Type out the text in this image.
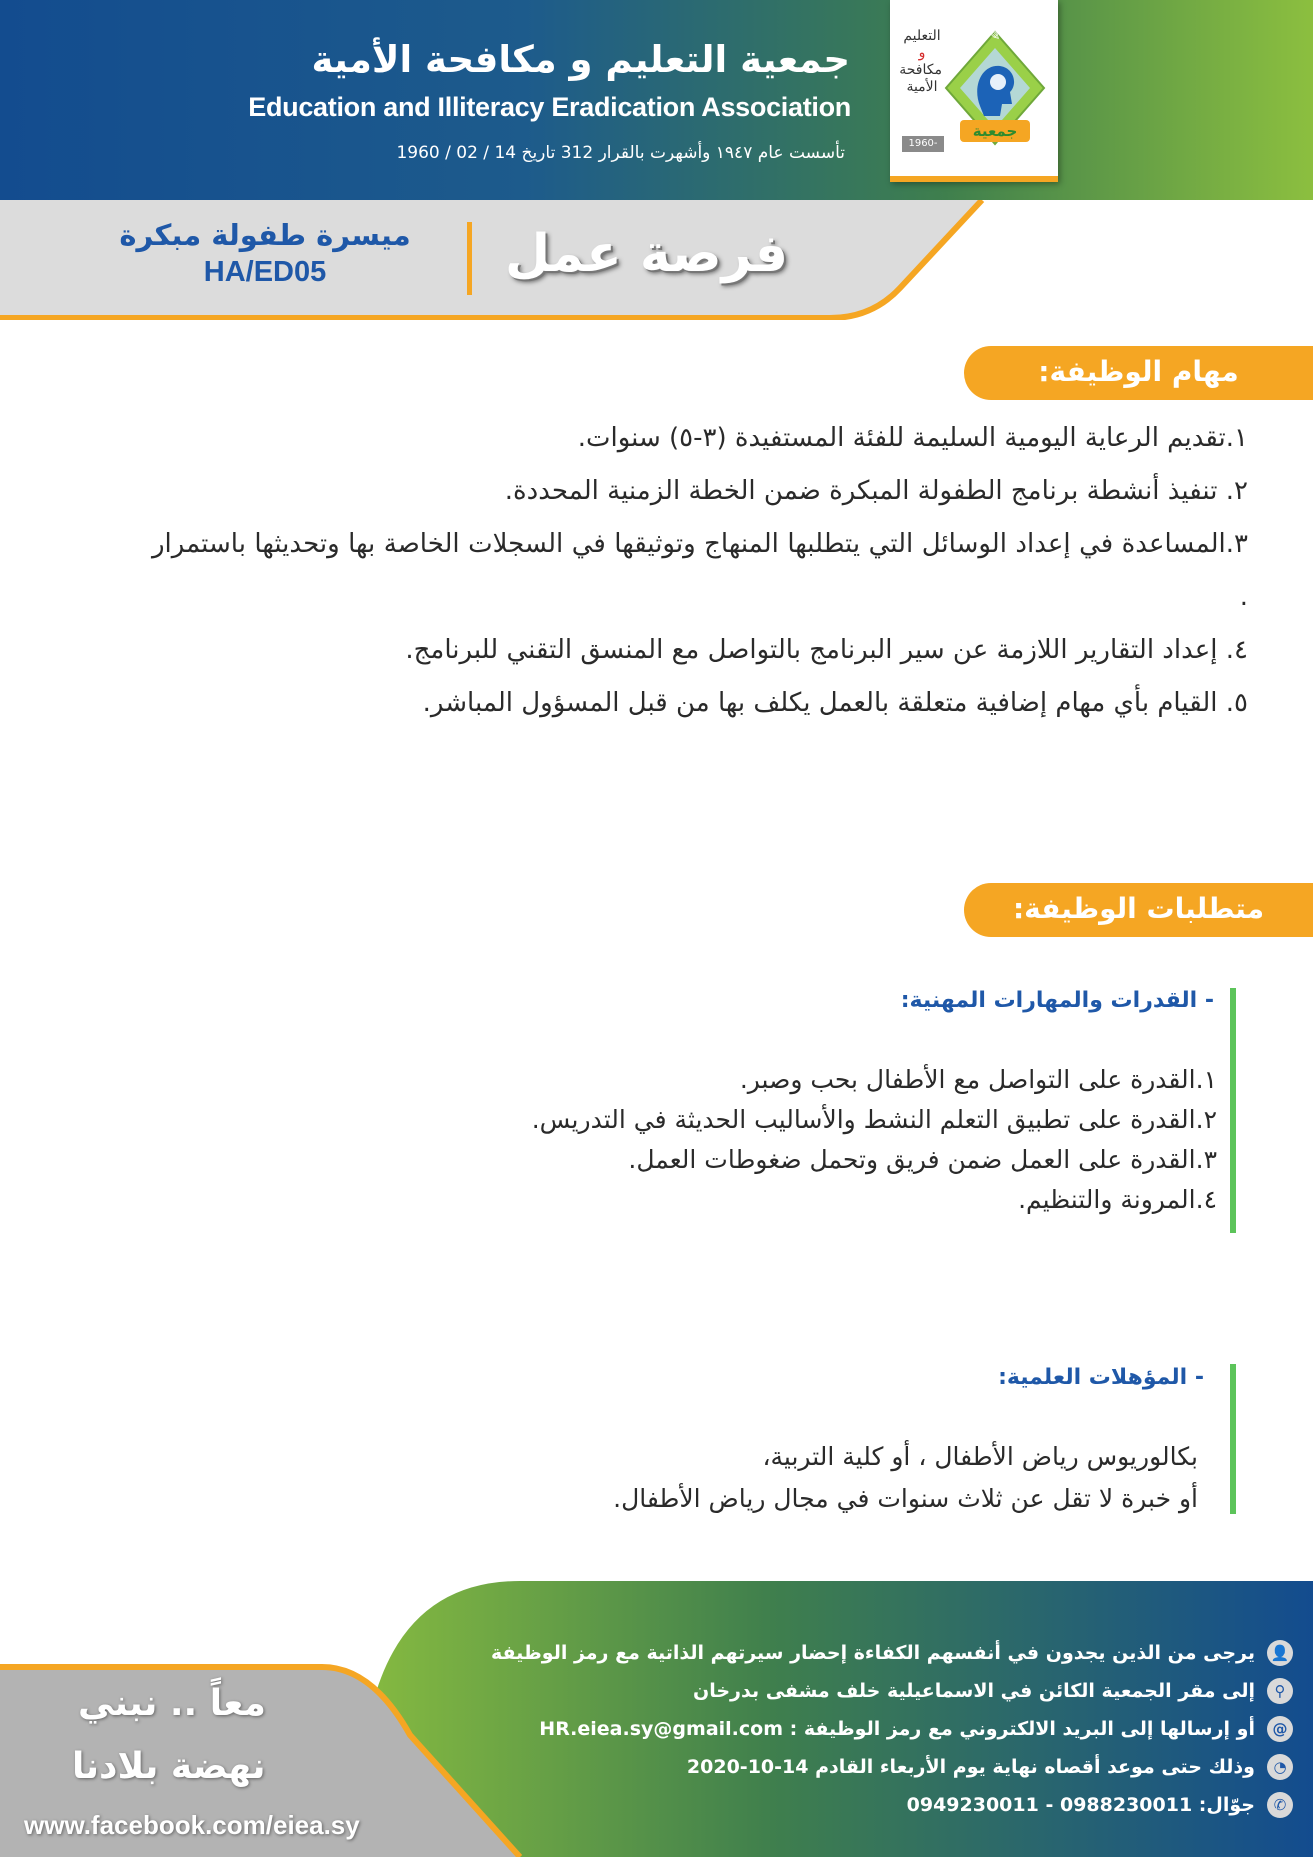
جمعية التعليم و مكافحة الأمية
Education and Illiteracy Eradication Association
تأسست عام ١٩٤٧ وأشهرت بالقرار 312 تاريخ 14 / 02 / 1960
التعليم
و
مكافحة
الأمية
جمعية
✎
1960-312
ميسرة طفولة مبكرة
HA/ED05	فرصة عمل
مهام الوظيفة:

١.تقديم الرعاية اليومية السليمة للفئة المستفيدة (٣-٥) سنوات.

٢. تنفيذ أنشطة برنامج الطفولة المبكرة ضمن الخطة الزمنية المحددة.

٣.المساعدة في إعداد الوسائل التي يتطلبها المنهاج وتوثيقها في السجلات الخاصة بها وتحديثها باستمرار .

٤. إعداد التقارير اللازمة عن سير البرنامج بالتواصل مع المنسق التقني للبرنامج.

٥. القيام بأي مهام إضافية متعلقة بالعمل يكلف بها من قبل المسؤول المباشر.

متطلبات الوظيفة:
- القدرات والمهارات المهنية:
١.القدرة على التواصل مع الأطفال بحب وصبر.
٢.القدرة على تطبيق التعلم النشط والأساليب الحديثة في التدريس.
٣.القدرة على العمل ضمن فريق وتحمل ضغوطات العمل.
٤.المرونة والتنظيم.
- المؤهلات العلمية:
بكالوريوس رياض الأطفال ، أو كلية التربية،
أو خبرة لا تقل عن ثلاث سنوات في مجال رياض الأطفال.
👤
يرجى من الذين يجدون في أنفسهم الكفاءة إحضار سيرتهم الذاتية مع رمز الوظيفة
⚲
إلى مقر الجمعية الكائن في الاسماعيلية خلف مشفى بدرخان
@
أو إرسالها إلى البريد الالكتروني مع رمز الوظيفة : HR.eiea.sy@gmail.com
◔
وذلك حتى موعد أقصاه نهاية يوم الأربعاء القادم 14-10-2020
✆
جوّال: 0988230011 - 0949230011
معاً .. نبني
نهضة بلادنا
www.facebook.com/eiea.sy
